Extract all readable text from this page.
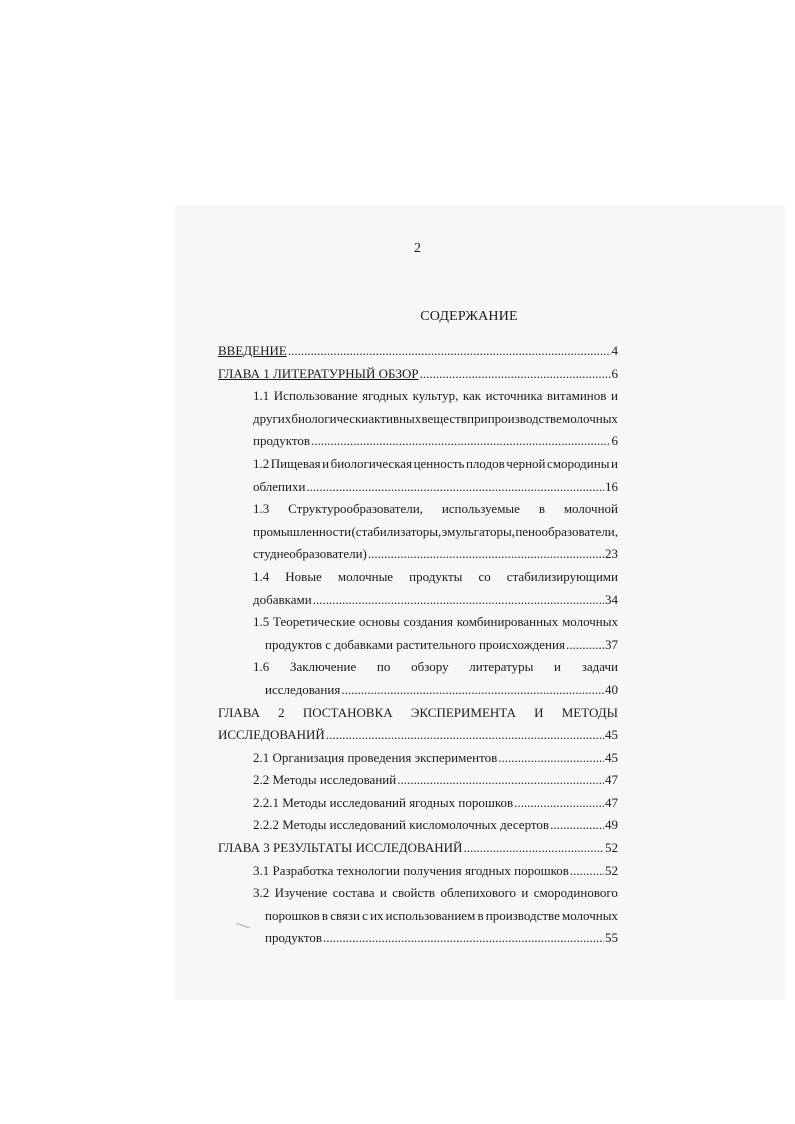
2
СОДЕРЖАНИЕ
ВВЕДЕНИЕ .....	4
ГЛАВА 1 ЛИТЕРАТУРНЫЙ ОБЗОР .....	6
1.1 Использование ягодных культур, как источника витаминов и
других биологически активных веществ при производстве молочных
продуктов .....	6
1.2 Пищевая и биологическая ценность плодов черной смородины и
облепихи .....	16
1.3 Структурообразователи, используемые в молочной
промышленности (стабилизаторы, эмульгаторы, пенообразователи,
студнеобразователи) .....	23
1.4 Новые молочные продукты со стабилизирующими
добавками .....	34
1.5 Теоретические основы создания комбинированных молочных
продуктов с добавками растительного происхождения .....	37
1.6 Заключение по обзору литературы и задачи
исследования .....	40
ГЛАВА 2 ПОСТАНОВКА ЭКСПЕРИМЕНТА И МЕТОДЫ
ИССЛЕДОВАНИЙ .....	45
2.1 Организация проведения экспериментов .....	45
2.2 Методы исследований .....	47
2.2.1 Методы исследований ягодных порошков .....	47
2.2.2 Методы исследований кисломолочных десертов .....	49
ГЛАВА 3 РЕЗУЛЬТАТЫ ИССЛЕДОВАНИЙ .....	52
3.1 Разработка технологии получения ягодных порошков .....	52
3.2 Изучение состава и свойств облепихового и смородинового
порошков в связи с их использованием в производстве молочных
продуктов .....	55
